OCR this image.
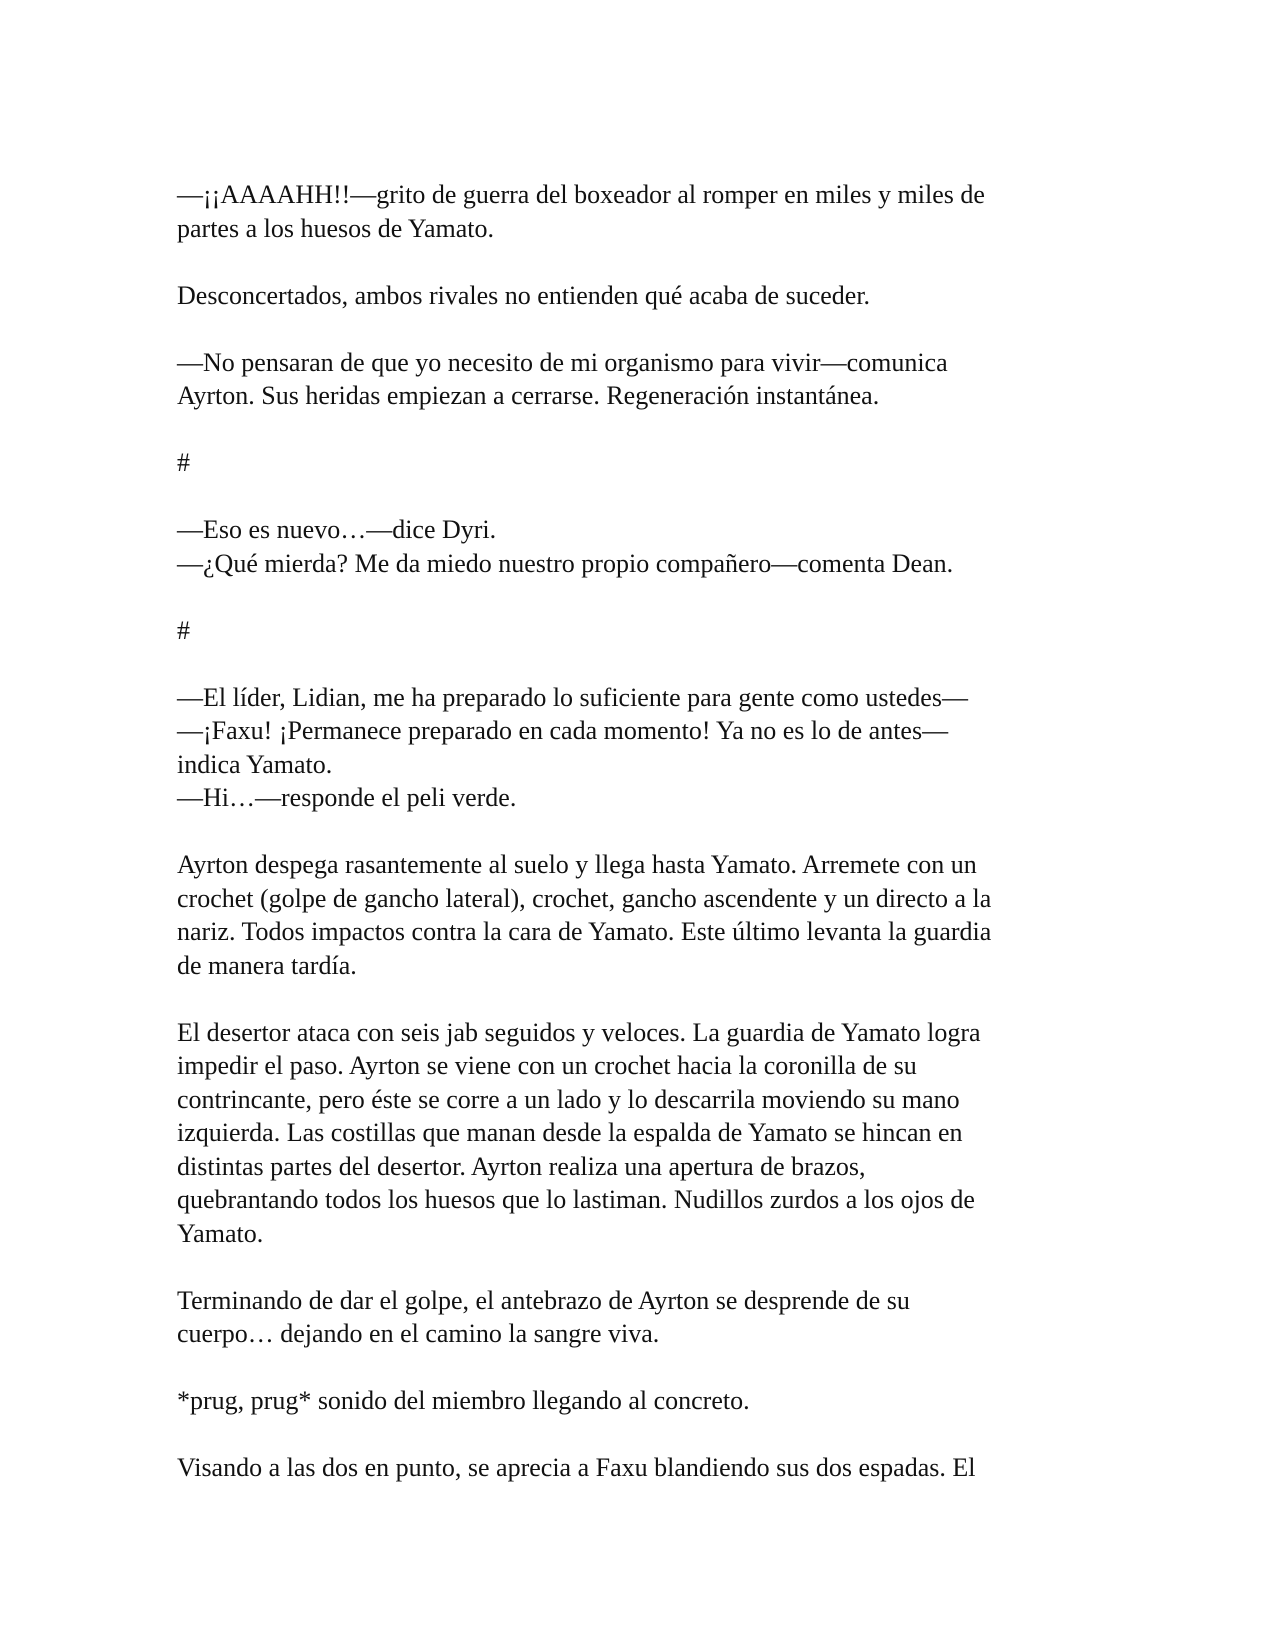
—¡¡AAAAHH!!—grito de guerra del boxeador al romper en miles y miles de
partes a los huesos de Yamato.

Desconcertados, ambos rivales no entienden qué acaba de suceder.

—No pensaran de que yo necesito de mi organismo para vivir—comunica
Ayrton. Sus heridas empiezan a cerrarse. Regeneración instantánea.

#

—Eso es nuevo…—dice Dyri.
—¿Qué mierda? Me da miedo nuestro propio compañero—comenta Dean.

#

—El líder, Lidian, me ha preparado lo suficiente para gente como ustedes—
—¡Faxu! ¡Permanece preparado en cada momento! Ya no es lo de antes—
indica Yamato.
—Hi…—responde el peli verde.

Ayrton despega rasantemente al suelo y llega hasta Yamato. Arremete con un
crochet (golpe de gancho lateral), crochet, gancho ascendente y un directo a la
nariz. Todos impactos contra la cara de Yamato. Este último levanta la guardia
de manera tardía.

El desertor ataca con seis jab seguidos y veloces. La guardia de Yamato logra
impedir el paso. Ayrton se viene con un crochet hacia la coronilla de su
contrincante, pero éste se corre a un lado y lo descarrila moviendo su mano
izquierda. Las costillas que manan desde la espalda de Yamato se hincan en
distintas partes del desertor. Ayrton realiza una apertura de brazos,
quebrantando todos los huesos que lo lastiman. Nudillos zurdos a los ojos de
Yamato.

Terminando de dar el golpe, el antebrazo de Ayrton se desprende de su
cuerpo… dejando en el camino la sangre viva.

*prug, prug* sonido del miembro llegando al concreto.

Visando a las dos en punto, se aprecia a Faxu blandiendo sus dos espadas. El
